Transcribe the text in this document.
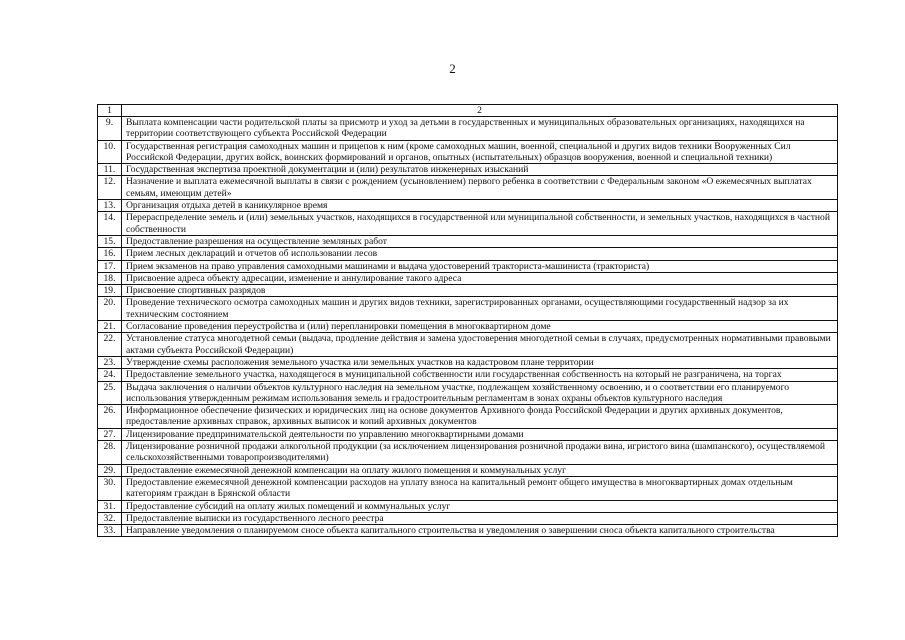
2
1	2
9.	Выплата компенсации части родительской платы за присмотр и уход за детьми в государственных и муниципальных образовательных организациях, находящихся на территории соответствующего субъекта Российской Федерации
10.	Государственная регистрация самоходных машин и прицепов к ним (кроме самоходных машин, военной, специальной и других видов техники Вооруженных Сил Российской Федерации, других войск, воинских формирований и органов, опытных (испытательных) образцов вооружения, военной и специальной техники)
11.	Государственная экспертиза проектной документации и (или) результатов инженерных изысканий
12.	Назначение и выплата ежемесячной выплаты в связи с рождением (усыновлением) первого ребенка в соответствии с Федеральным законом «О ежемесячных выплатах семьям, имеющим детей»
13.	Организация отдыха детей в каникулярное время
14.	Перераспределение земель и (или) земельных участков, находящихся в государственной или муниципальной собственности, и земельных участков, находящихся в частной собственности
15.	Предоставление разрешения на осуществление земляных работ
16.	Прием лесных деклараций и отчетов об использовании лесов
17.	Прием экзаменов на право управления самоходными машинами и выдача удостоверений тракториста-машиниста (тракториста)
18.	Присвоение адреса объекту адресации, изменение и аннулирование такого адреса
19.	Присвоение спортивных разрядов
20.	Проведение технического осмотра самоходных машин и других видов техники, зарегистрированных органами, осуществляющими государственный надзор за их техническим состоянием
21.	Согласование проведения переустройства и (или) перепланировки помещения в многоквартирном доме
22.	Установление статуса многодетной семьи (выдача, продление действия и замена удостоверения многодетной семьи в случаях, предусмотренных нормативными правовыми актами субъекта Российской Федерации)
23.	Утверждение схемы расположения земельного участка или земельных участков на кадастровом плане территории
24.	Предоставление земельного участка, находящегося в муниципальной собственности или государственная собственность на который не разграничена, на торгах
25.	Выдача заключения о наличии объектов культурного наследия на земельном участке, подлежащем хозяйственному освоению, и о соответствии его планируемого использования утвержденным режимам использования земель и градостроительным регламентам в зонах охраны объектов культурного наследия
26.	Информационное обеспечение физических и юридических лиц на основе документов Архивного фонда Российской Федерации и других архивных документов, предоставление архивных справок, архивных выписок и копий архивных документов
27.	Лицензирование предпринимательской деятельности по управлению многоквартирными домами
28.	Лицензирование розничной продажи алкогольной продукции (за исключением лицензирования розничной продажи вина, игристого вина (шампанского), осуществляемой сельскохозяйственными товаропроизводителями)
29.	Предоставление ежемесячной денежной компенсации на оплату жилого помещения и коммунальных услуг
30.	Предоставление ежемесячной денежной компенсации расходов на уплату взноса на капитальный ремонт общего имущества в многоквартирных домах отдельным категориям граждан в Брянской области
31.	Предоставление субсидий на оплату жилых помещений и коммунальных услуг
32.	Предоставление выписки из государственного лесного реестра
33.	Направление уведомления о планируемом сносе объекта капитального строительства и уведомления о завершении сноса объекта капитального строительства
